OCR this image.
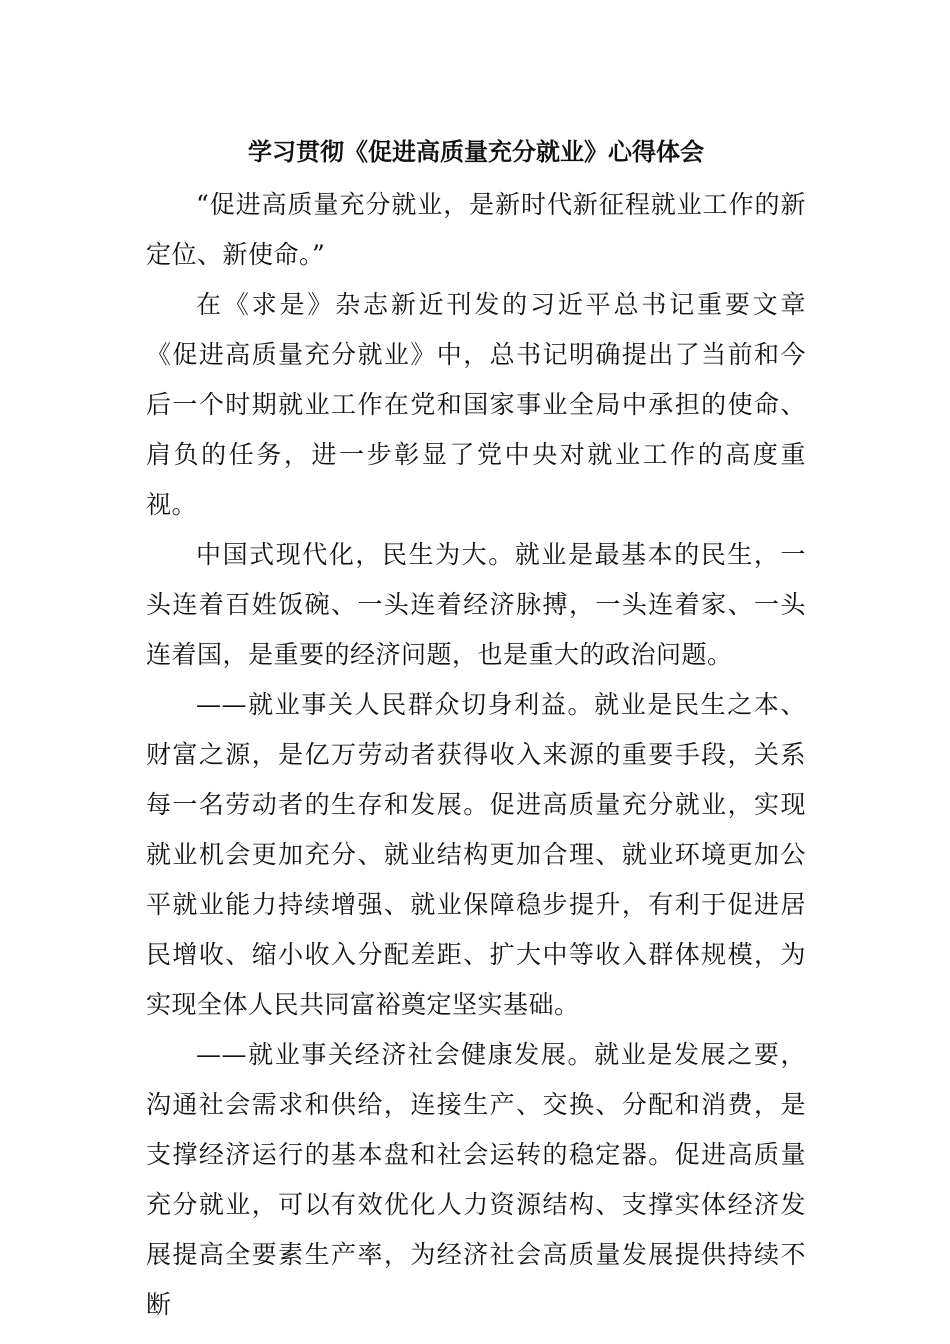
学习贯彻《促进高质量充分就业》心得体会

“促进高质量充分就业，是新时代新征程就业工作的新定位、新使命。”

在《求是》杂志新近刊发的习近平总书记重要文章《促进高质量充分就业》中，总书记明确提出了当前和今后一个时期就业工作在党和国家事业全局中承担的使命、肩负的任务，进一步彰显了党中央对就业工作的高度重视。

中国式现代化，民生为大。就业是最基本的民生，一头连着百姓饭碗、一头连着经济脉搏，一头连着家、一头连着国，是重要的经济问题，也是重大的政治问题。

——就业事关人民群众切身利益。就业是民生之本、财富之源，是亿万劳动者获得收入来源的重要手段，关系每一名劳动者的生存和发展。促进高质量充分就业，实现就业机会更加充分、就业结构更加合理、就业环境更加公平就业能力持续增强、就业保障稳步提升，有利于促进居民增收、缩小收入分配差距、扩大中等收入群体规模，为实现全体人民共同富裕奠定坚实基础。

——就业事关经济社会健康发展。就业是发展之要，沟通社会需求和供给，连接生产、交换、分配和消费，是支撑经济运行的基本盘和社会运转的稳定器。促进高质量充分就业，可以有效优化人力资源结构、支撑实体经济发展提高全要素生产率，为经济社会高质量发展提供持续不断
